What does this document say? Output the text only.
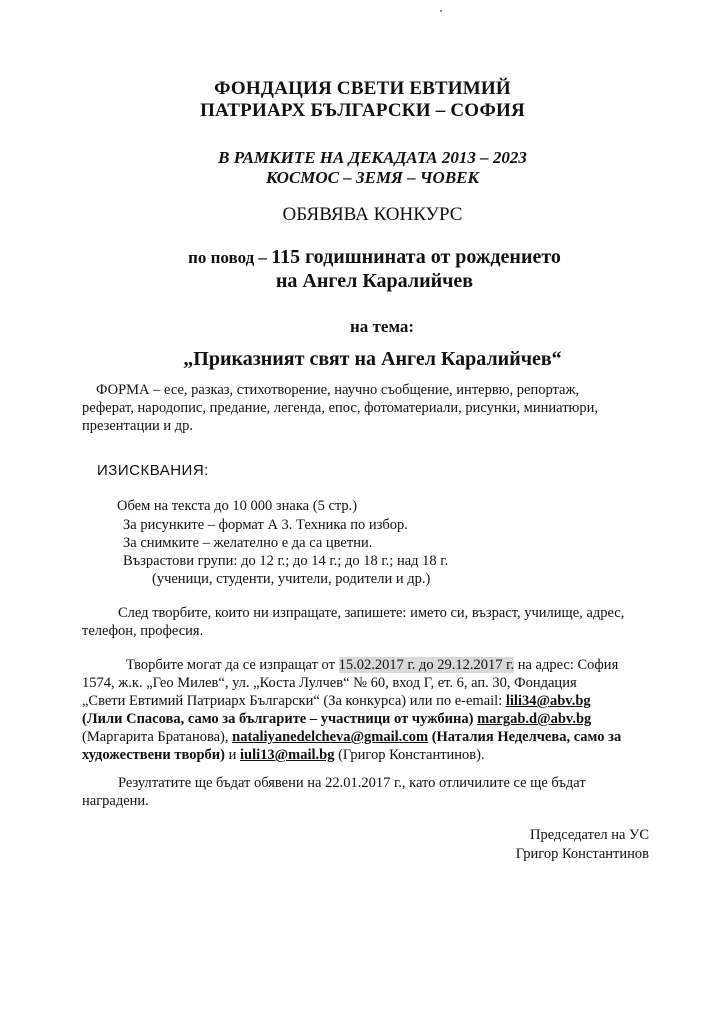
ФОНДАЦИЯ СВЕТИ ЕВТИМИЙ
ПАТРИАРХ БЪЛГАРСКИ – СОФИЯ
В РАМКИТЕ НА ДЕКАДАТА 2013 – 2023
КОСМОС – ЗЕМЯ – ЧОВЕК
ОБЯВЯВА КОНКУРС
по повод – 115 годишнината от рождението
на Ангел Каралийчев
на тема:
„Приказният свят на Ангел Каралийчев“
ФОРМА – есе, разказ, стихотворение, научно съобщение, интервю, репортаж,
реферат, народопис, предание, легенда, епос, фотоматериали, рисунки, миниатюри,
презентации и др.
ИЗИСКВАНИЯ:
Обем на текста до 10 000 знака (5 стр.)
За рисунките – формат А 3. Техника по избор.
За снимките – желателно е да са цветни.
Възрастови групи: до 12 г.; до 14 г.; до 18 г.; над 18 г.
(ученици, студенти, учители, родители и др.)
След творбите, които ни изпращате, запишете: името си, възраст, училище, адрес,
телефон, професия.
Творбите могат да се изпращат от 15.02.2017 г. до 29.12.2017 г. на адрес: София
1574, ж.к. „Гео Милев“, ул. „Коста Лулчев“ № 60, вход Г, ет. 6, ап. 30, Фондация
„Свети Евтимий Патриарх Български“ (За конкурса) или по e-email: lili34@abv.bg
(Лили Спасова, само за българите – участници от чужбина) margab.d@abv.bg
(Маргарита Братанова), nataliyanedelcheva@gmail.com (Наталия Неделчева, само за
художествени творби) и iuli13@mail.bg (Григор Константинов).
Резултатите ще бъдат обявени на 22.01.2017 г., като отличилите се ще бъдат
наградени.
Председател на УС
Григор Константинов
